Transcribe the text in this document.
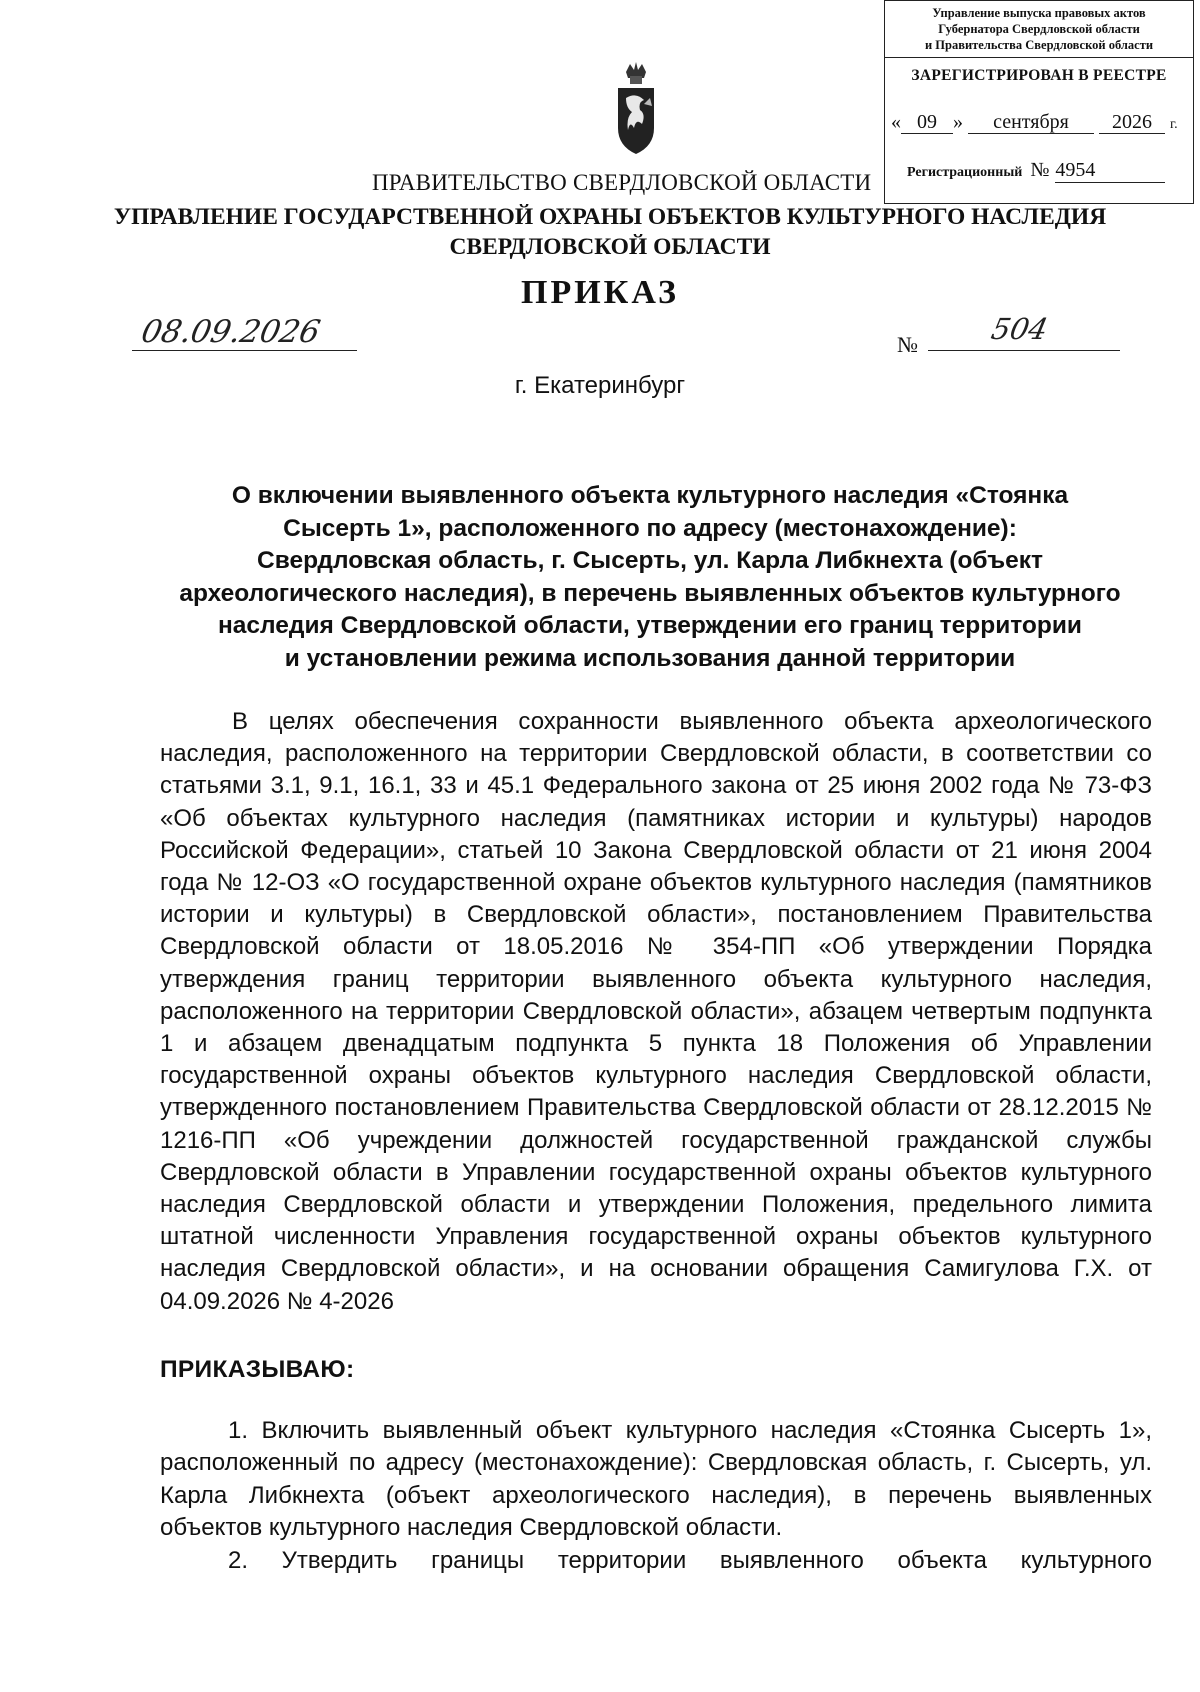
Управление выпуска правовых актов
Губернатора Свердловской области
и Правительства Свердловской области
ЗАРЕГИСТРИРОВАН В РЕЕСТРЕ
« 09 » сентября 2026 г.
Регистрационный № 4954
ПРАВИТЕЛЬСТВО СВЕРДЛОВСКОЙ ОБЛАСТИ
УПРАВЛЕНИЕ ГОСУДАРСТВЕННОЙ ОХРАНЫ ОБЪЕКТОВ КУЛЬТУРНОГО НАСЛЕДИЯ
СВЕРДЛОВСКОЙ ОБЛАСТИ
ПРИКАЗ
08.09.2026	№ 504
г. Екатеринбург
О включении выявленного объекта культурного наследия «Стоянка
Сысерть 1», расположенного по адресу (местонахождение):
Свердловская область, г. Сысерть, ул. Карла Либкнехта (объект
археологического наследия), в перечень выявленных объектов культурного
наследия Свердловской области, утверждении его границ территории
и установлении режима использования данной территории

В целях обеспечения сохранности выявленного объекта археологического наследия, расположенного на территории Свердловской области, в соответствии со статьями 3.1, 9.1, 16.1, 33 и 45.1 Федерального закона от 25 июня 2002 года № 73-ФЗ «Об объектах культурного наследия (памятниках истории и культуры) народов Российской Федерации», статьей 10 Закона Свердловской области от 21 июня 2004 года № 12-ОЗ «О государственной охране объектов культурного наследия (памятников истории и культуры) в Свердловской области», постановлением Правительства Свердловской области от 18.05.2016 № 354-ПП «Об утверждении Порядка утверждения границ территории выявленного объекта культурного наследия, расположенного на территории Свердловской области», абзацем четвертым подпункта 1 и абзацем двенадцатым подпункта 5 пункта 18 Положения об Управлении государственной охраны объектов культурного наследия Свердловской области, утвержденного постановлением Правительства Свердловской области от 28.12.2015 № 1216-ПП «Об учреждении должностей государственной гражданской службы Свердловской области в Управлении государственной охраны объектов культурного наследия Свердловской области и утверждении Положения, предельного лимита штатной численности Управления государственной охраны объектов культурного наследия Свердловской области», и на основании обращения Самигулова Г.Х. от 04.09.2026 № 4-2026

ПРИКАЗЫВАЮ:

1. Включить выявленный объект культурного наследия «Стоянка Сысерть 1», расположенный по адресу (местонахождение): Свердловская область, г. Сысерть, ул. Карла Либкнехта (объект археологического наследия), в перечень выявленных объектов культурного наследия Свердловской области.

2. Утвердить границы территории выявленного объекта культурного
